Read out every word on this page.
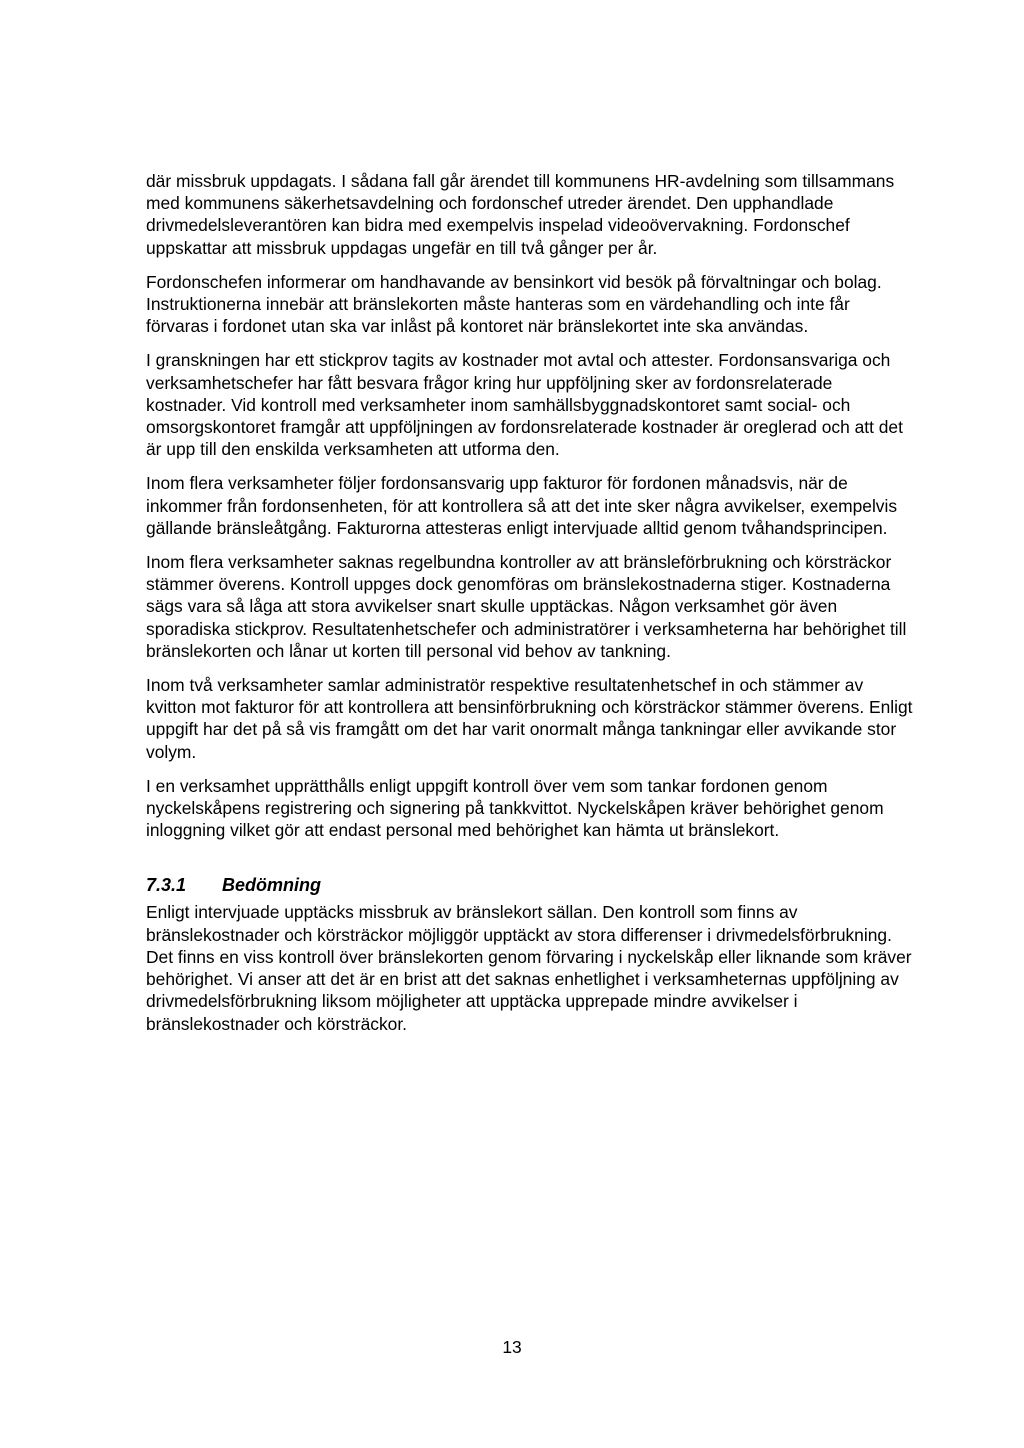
där missbruk uppdagats. I sådana fall går ärendet till kommunens HR-avdelning som tillsammans med kommunens säkerhetsavdelning och fordonschef utreder ärendet. Den upphandlade drivmedelsleverantören kan bidra med exempelvis inspelad videoövervakning. Fordonschef uppskattar att missbruk uppdagas ungefär en till två gånger per år.

Fordonschefen informerar om handhavande av bensinkort vid besök på förvaltningar och bolag. Instruktionerna innebär att bränslekorten måste hanteras som en värdehandling och inte får förvaras i fordonet utan ska var inlåst på kontoret när bränslekortet inte ska användas.

I granskningen har ett stickprov tagits av kostnader mot avtal och attester. Fordonsansvariga och verksamhetschefer har fått besvara frågor kring hur uppföljning sker av fordonsrelaterade kostnader. Vid kontroll med verksamheter inom samhällsbyggnadskontoret samt social- och omsorgskontoret framgår att uppföljningen av fordonsrelaterade kostnader är oreglerad och att det är upp till den enskilda verksamheten att utforma den.

Inom flera verksamheter följer fordonsansvarig upp fakturor för fordonen månadsvis, när de inkommer från fordonsenheten, för att kontrollera så att det inte sker några avvikelser, exempelvis gällande bränsleåtgång. Fakturorna attesteras enligt intervjuade alltid genom tvåhandsprincipen.

Inom flera verksamheter saknas regelbundna kontroller av att bränsleförbrukning och körsträckor stämmer överens. Kontroll uppges dock genomföras om bränslekostnaderna stiger. Kostnaderna sägs vara så låga att stora avvikelser snart skulle upptäckas. Någon verksamhet gör även sporadiska stickprov. Resultatenhetschefer och administratörer i verksamheterna har behörighet till bränslekorten och lånar ut korten till personal vid behov av tankning.

Inom två verksamheter samlar administratör respektive resultatenhetschef in och stämmer av kvitton mot fakturor för att kontrollera att bensinförbrukning och körsträckor stämmer överens. Enligt uppgift har det på så vis framgått om det har varit onormalt många tankningar eller avvikande stor volym.

I en verksamhet upprätthålls enligt uppgift kontroll över vem som tankar fordonen genom nyckelskåpens registrering och signering på tankkvittot. Nyckelskåpen kräver behörighet genom inloggning vilket gör att endast personal med behörighet kan hämta ut bränslekort.

7.3.1	Bedömning

Enligt intervjuade upptäcks missbruk av bränslekort sällan. Den kontroll som finns av bränslekostnader och körsträckor möjliggör upptäckt av stora differenser i drivmedelsförbrukning. Det finns en viss kontroll över bränslekorten genom förvaring i nyckelskåp eller liknande som kräver behörighet. Vi anser att det är en brist att det saknas enhetlighet i verksamheternas uppföljning av drivmedelsförbrukning liksom möjligheter att upptäcka upprepade mindre avvikelser i bränslekostnader och körsträckor.

13
